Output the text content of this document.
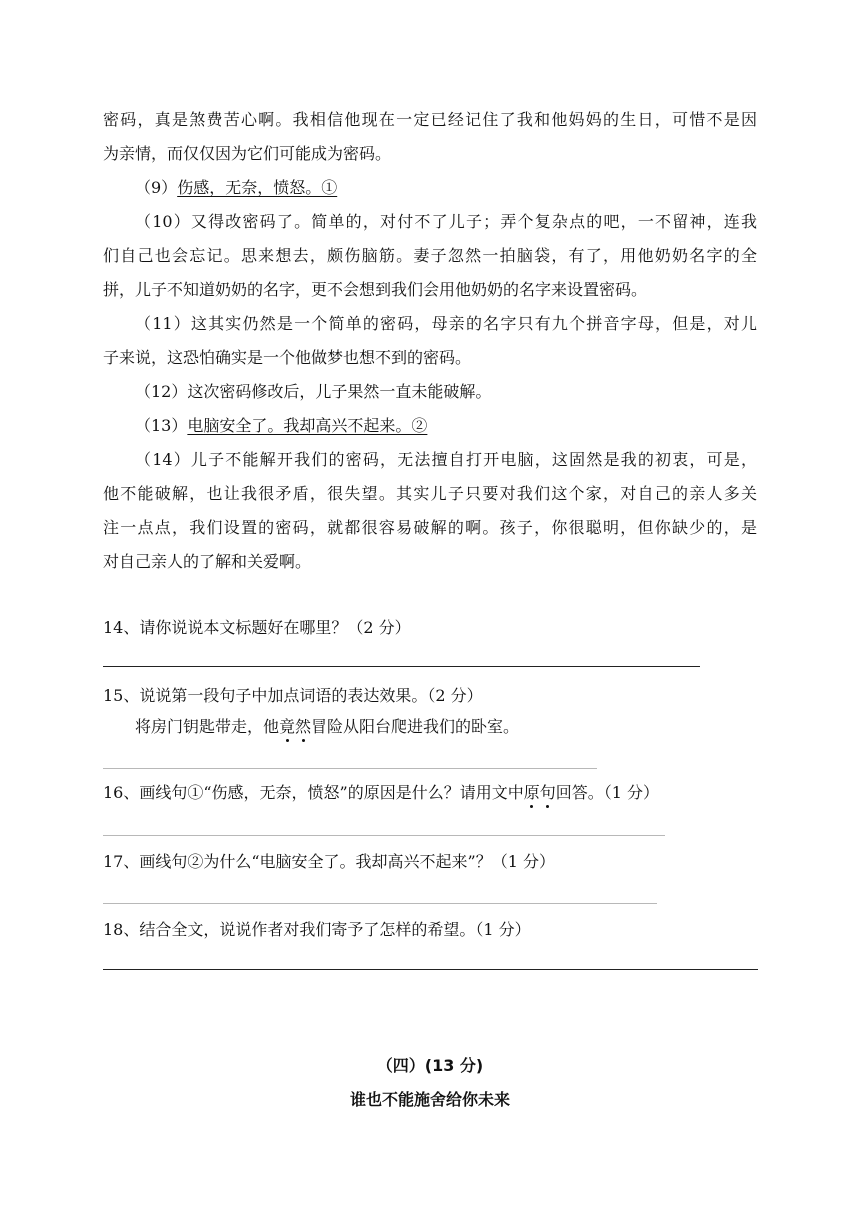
密码，真是煞费苦心啊。我相信他现在一定已经记住了我和他妈妈的生日，可惜不是因
为亲情，而仅仅因为它们可能成为密码。
（9）伤感，无奈，愤怒。①
（10）又得改密码了。简单的，对付不了儿子；弄个复杂点的吧，一不留神，连我
们自己也会忘记。思来想去，颇伤脑筋。妻子忽然一拍脑袋，有了，用他奶奶名字的全
拼，儿子不知道奶奶的名字，更不会想到我们会用他奶奶的名字来设置密码。
（11）这其实仍然是一个简单的密码，母亲的名字只有九个拼音字母，但是，对儿
子来说，这恐怕确实是一个他做梦也想不到的密码。
（12）这次密码修改后，儿子果然一直未能破解。
（13）电脑安全了。我却高兴不起来。②
（14）儿子不能解开我们的密码，无法擅自打开电脑，这固然是我的初衷，可是，
他不能破解，也让我很矛盾，很失望。其实儿子只要对我们这个家，对自己的亲人多关
注一点点，我们设置的密码，就都很容易破解的啊。孩子，你很聪明，但你缺少的，是
对自己亲人的了解和关爱啊。
14、请你说说本文标题好在哪里？（2 分）
15、说说第一段句子中加点词语的表达效果。（2 分）
将房门钥匙带走，他竟然冒险从阳台爬进我们的卧室。
16、画线句①“伤感，无奈，愤怒”的原因是什么？请用文中原句回答。（1 分）
17、画线句②为什么“电脑安全了。我却高兴不起来”？（1 分）
18、结合全文，说说作者对我们寄予了怎样的希望。（1 分）
（四）(13 分)
谁也不能施舍给你未来
